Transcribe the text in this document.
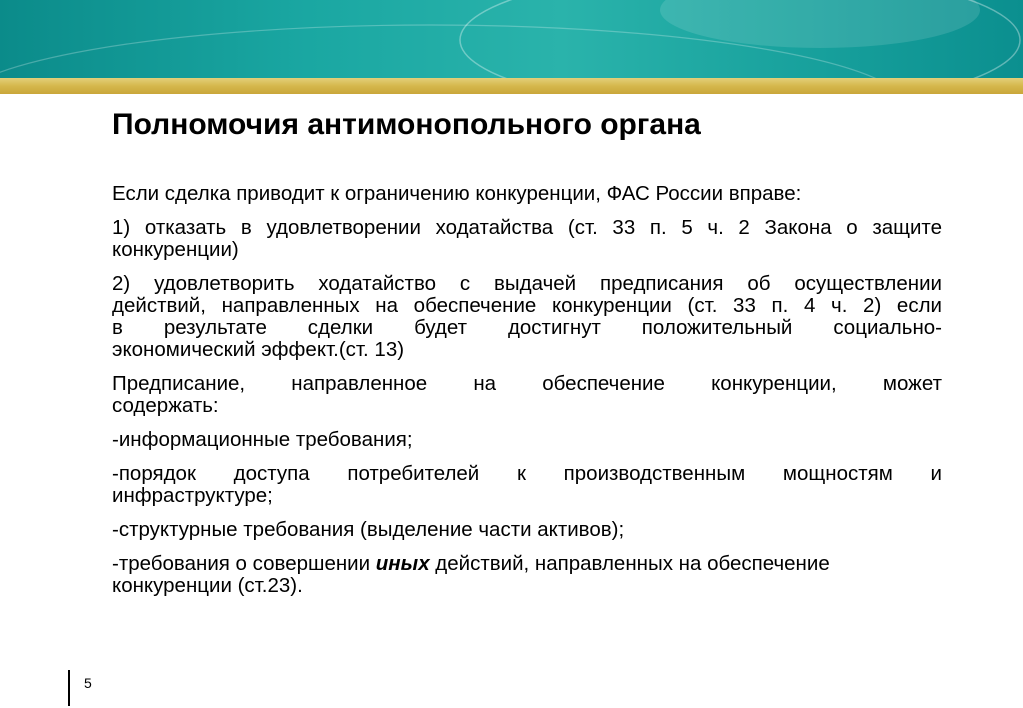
Полномочия антимонопольного органа

Если сделка приводит к ограничению конкуренции, ФАС России вправе:

1) отказать в удовлетворении ходатайства (ст. 33 п. 5 ч. 2 Закона о защите конкуренции)

2) удовлетворить ходатайство с выдачей предписания об осуществлении
действий, направленных на обеспечение конкуренции (ст. 33 п. 4 ч. 2) если
в результате сделки будет достигнут положительный социально-
экономический эффект.(ст. 13)

Предписание, направленное на обеспечение конкуренции, может
содержать:

-информационные требования;

-порядок доступа потребителей к производственным мощностям и
инфраструктуре;

-структурные требования (выделение части активов);

-требования о совершении иных действий, направленных на обеспечение
конкуренции (ст.23).

5
